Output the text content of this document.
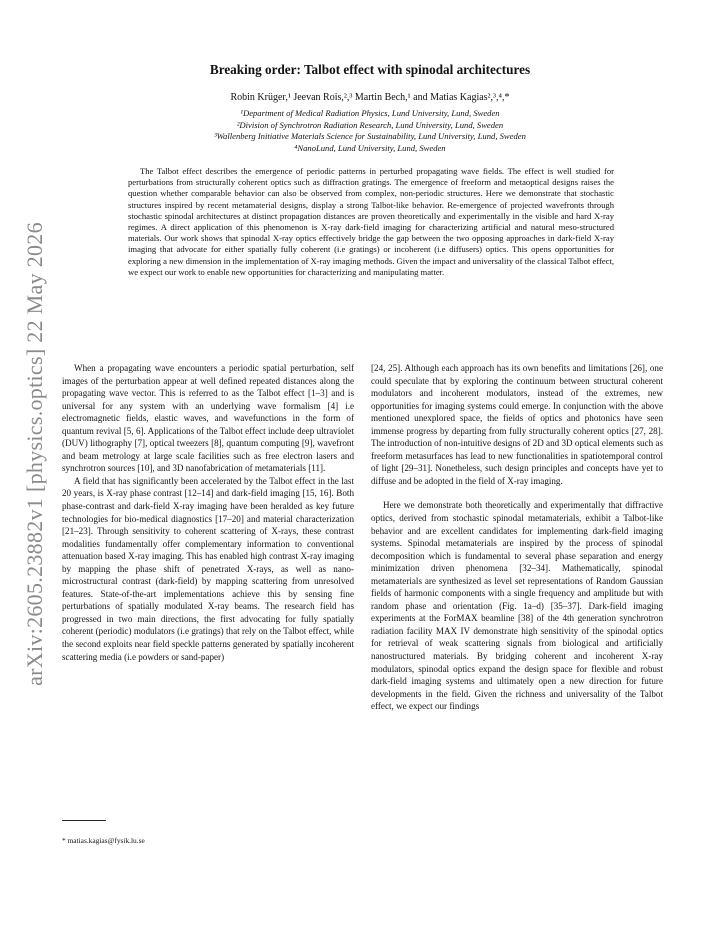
arXiv:2605.23882v1 [physics.optics] 22 May 2026
Breaking order: Talbot effect with spinodal architectures
Robin Krüger,¹ Jeevan Rois,²,³ Martin Bech,¹ and Matias Kagias²,³,⁴,*
¹Department of Medical Radiation Physics, Lund University, Lund, Sweden
²Division of Synchrotron Radiation Research, Lund University, Lund, Sweden
³Wallenberg Initiative Materials Science for Sustainability, Lund University, Lund, Sweden
⁴NanoLund, Lund University, Lund, Sweden
The Talbot effect describes the emergence of periodic patterns in perturbed propagating wave fields. The effect is well studied for perturbations from structurally coherent optics such as diffraction gratings. The emergence of freeform and metaoptical designs raises the question whether comparable behavior can also be observed from complex, non-periodic structures. Here we demonstrate that stochastic structures inspired by recent metamaterial designs, display a strong Talbot-like behavior. Re-emergence of projected wavefronts through stochastic spinodal architectures at distinct propagation distances are proven theoretically and experimentally in the visible and hard X-ray regimes. A direct application of this phenomenon is X-ray dark-field imaging for characterizing artificial and natural meso-structured materials. Our work shows that spinodal X-ray optics effectively bridge the gap between the two opposing approaches in dark-field X-ray imaging that advocate for either spatially fully coherent (i.e gratings) or incoherent (i.e diffusers) optics. This opens opportunities for exploring a new dimension in the implementation of X-ray imaging methods. Given the impact and universality of the classical Talbot effect, we expect our work to enable new opportunities for characterizing and manipulating matter.

When a propagating wave encounters a periodic spatial perturbation, self images of the perturbation appear at well defined repeated distances along the propagating wave vector. This is referred to as the Talbot effect [1–3] and is universal for any system with an underlying wave formalism [4] i.e electromagnetic fields, elastic waves, and wavefunctions in the form of quantum revival [5, 6]. Applications of the Talbot effect include deep ultraviolet (DUV) lithography [7], optical tweezers [8], quantum computing [9], wavefront and beam metrology at large scale facilities such as free electron lasers and synchrotron sources [10], and 3D nanofabrication of metamaterials [11].

A field that has significantly been accelerated by the Talbot effect in the last 20 years, is X-ray phase contrast [12–14] and dark-field imaging [15, 16]. Both phase-contrast and dark-field X-ray imaging have been heralded as key future technologies for bio-medical diagnostics [17–20] and material characterization [21–23]. Through sensitivity to coherent scattering of X-rays, these contrast modalities fundamentally offer complementary information to conventional attenuation based X-ray imaging. This has enabled high contrast X-ray imaging by mapping the phase shift of penetrated X-rays, as well as nano-microstructural contrast (dark-field) by mapping scattering from unresolved features. State-of-the-art implementations achieve this by sensing fine perturbations of spatially modulated X-ray beams. The research field has progressed in two main directions, the first advocating for fully spatially coherent (periodic) modulators (i.e gratings) that rely on the Talbot effect, while the second exploits near field speckle patterns generated by spatially incoherent scattering media (i.e powders or sand-paper)

[24, 25]. Although each approach has its own benefits and limitations [26], one could speculate that by exploring the continuum between structural coherent modulators and incoherent modulators, instead of the extremes, new opportunities for imaging systems could emerge. In conjunction with the above mentioned unexplored space, the fields of optics and photonics have seen immense progress by departing from fully structurally coherent optics [27, 28]. The introduction of non-intuitive designs of 2D and 3D optical elements such as freeform metasurfaces has lead to new functionalities in spatiotemporal control of light [29–31]. Nonetheless, such design principles and concepts have yet to diffuse and be adopted in the field of X-ray imaging.

Here we demonstrate both theoretically and experimentally that diffractive optics, derived from stochastic spinodal metamaterials, exhibit a Talbot-like behavior and are excellent candidates for implementing dark-field imaging systems. Spinodal metamaterials are inspired by the process of spinodal decomposition which is fundamental to several phase separation and energy minimization driven phenomena [32–34]. Mathematically, spinodal metamaterials are synthesized as level set representations of Random Gaussian fields of harmonic components with a single frequency and amplitude but with random phase and orientation (Fig. 1a–d) [35–37]. Dark-field imaging experiments at the ForMAX beamline [38] of the 4th generation synchrotron radiation facility MAX IV demonstrate high sensitivity of the spinodal optics for retrieval of weak scattering signals from biological and artificially nanostructured materials. By bridging coherent and incoherent X-ray modulators, spinodal optics expand the design space for flexible and robust dark-field imaging systems and ultimately open a new direction for future developments in the field. Given the richness and universality of the Talbot effect, we expect our findings

* matias.kagias@fysik.lu.se
